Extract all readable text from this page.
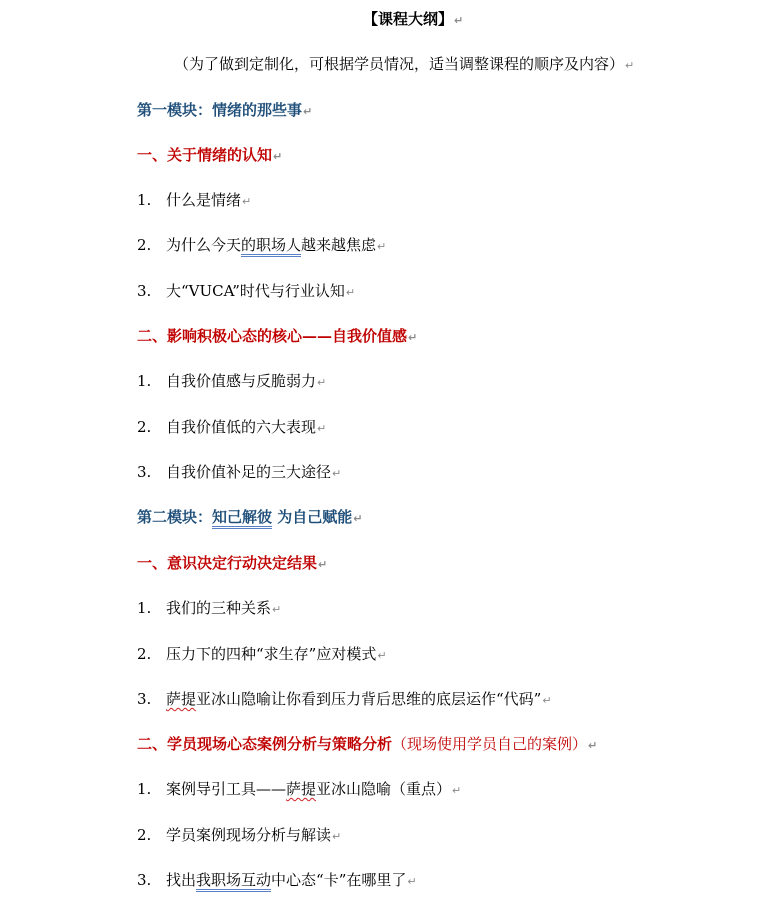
【课程大纲】↵
（为了做到定制化，可根据学员情况，适当调整课程的顺序及内容）↵
第一模块：情绪的那些事↵
一、关于情绪的认知↵
1. 什么是情绪↵
2. 为什么今天的职场人越来越焦虑↵
3. 大“VUCA”时代与行业认知↵
二、影响积极心态的核心——自我价值感↵
1. 自我价值感与反脆弱力↵
2. 自我价值低的六大表现↵
3. 自我价值补足的三大途径↵
第二模块：知己解彼 为自己赋能↵
一、意识决定行动决定结果↵
1. 我们的三种关系↵
2. 压力下的四种“求生存”应对模式↵
3. 萨提亚冰山隐喻让你看到压力背后思维的底层运作“代码”↵
二、学员现场心态案例分析与策略分析（现场使用学员自己的案例）↵
1. 案例导引工具——萨提亚冰山隐喻（重点）↵
2. 学员案例现场分析与解读↵
3. 找出我职场互动中心态“卡”在哪里了↵
